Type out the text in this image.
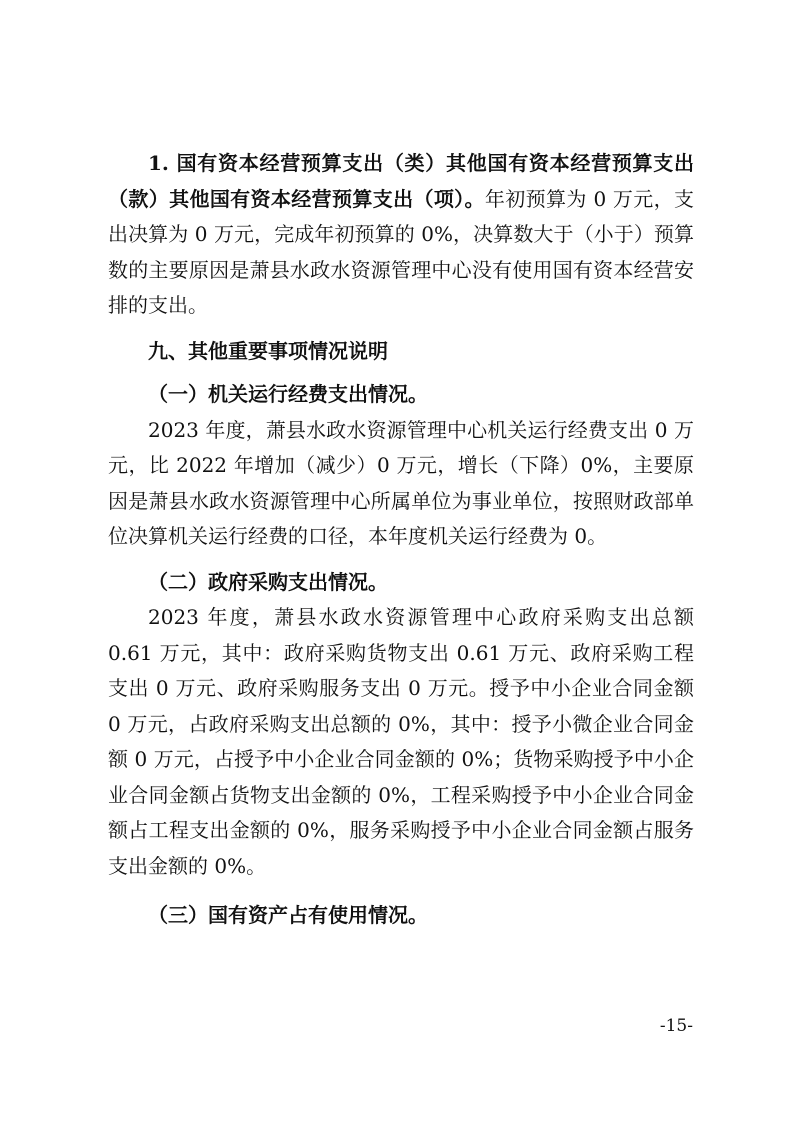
1. 国有资本经营预算支出（类）其他国有资本经营预算支出（款）其他国有资本经营预算支出（项）。年初预算为 0 万元，支出决算为 0 万元，完成年初预算的 0%，决算数大于（小于）预算数的主要原因是萧县水政水资源管理中心没有使用国有资本经营安排的支出。

九、其他重要事项情况说明

（一）机关运行经费支出情况。

2023 年度，萧县水政水资源管理中心机关运行经费支出 0 万元，比 2022 年增加（减少）0 万元，增长（下降）0%，主要原因是萧县水政水资源管理中心所属单位为事业单位，按照财政部单位决算机关运行经费的口径，本年度机关运行经费为 0。

（二）政府采购支出情况。

2023 年度，萧县水政水资源管理中心政府采购支出总额 0.61 万元，其中：政府采购货物支出 0.61 万元、政府采购工程支出 0 万元、政府采购服务支出 0 万元。授予中小企业合同金额 0 万元，占政府采购支出总额的 0%，其中：授予小微企业合同金额 0 万元，占授予中小企业合同金额的 0%；货物采购授予中小企业合同金额占货物支出金额的 0%，工程采购授予中小企业合同金额占工程支出金额的 0%，服务采购授予中小企业合同金额占服务支出金额的 0%。

（三）国有资产占有使用情况。

-15-
